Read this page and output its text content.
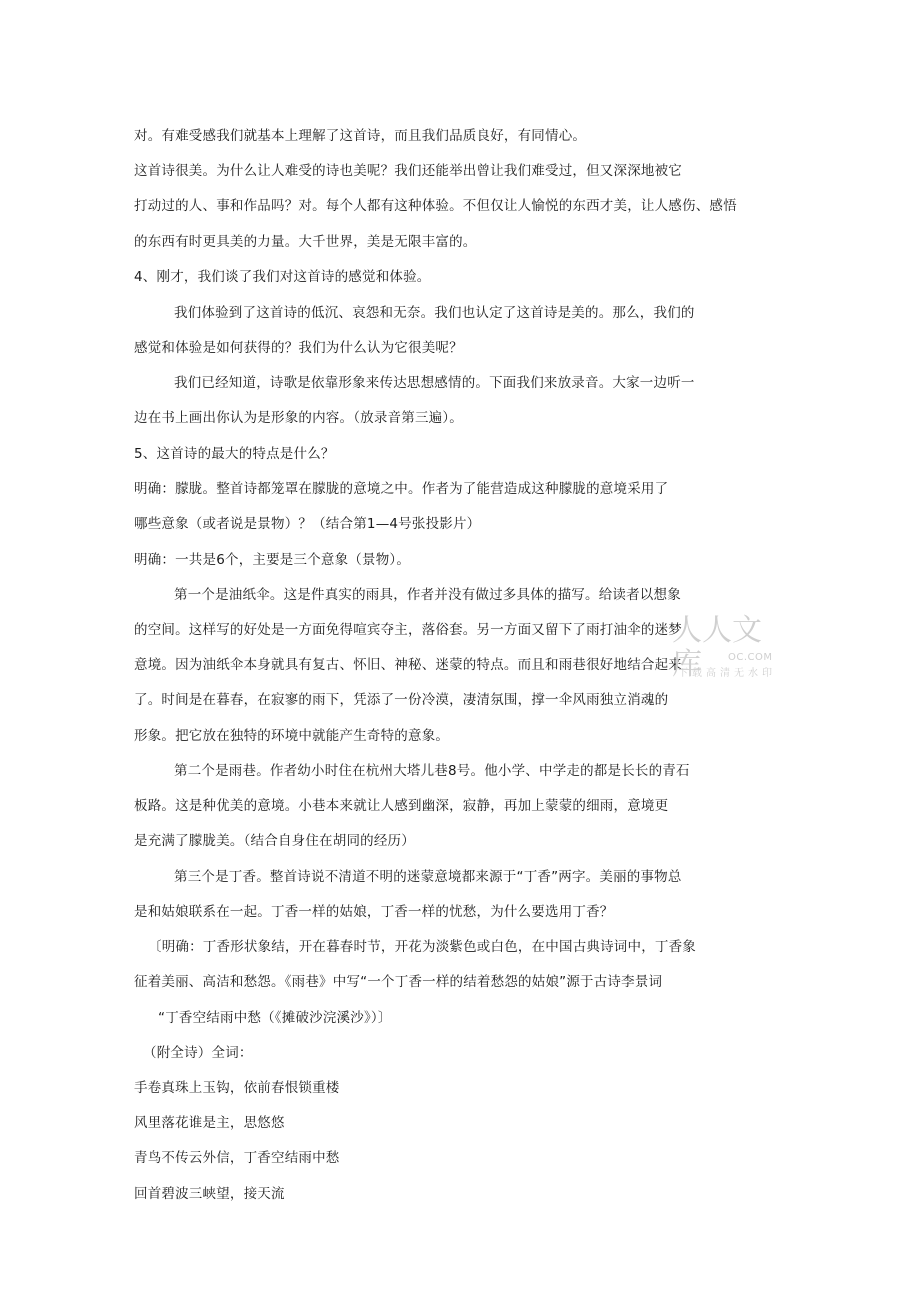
对。有难受感我们就基本上理解了这首诗，而且我们品质良好，有同情心。
这首诗很美。为什么让人难受的诗也美呢？我们还能举出曾让我们难受过，但又深深地被它
打动过的人、事和作品吗？对。每个人都有这种体验。不但仅让人愉悦的东西才美，让人感伤、感悟
的东西有时更具美的力量。大千世界，美是无限丰富的。
4、刚才，我们谈了我们对这首诗的感觉和体验。
我们体验到了这首诗的低沉、哀怨和无奈。我们也认定了这首诗是美的。那么，我们的
感觉和体验是如何获得的？我们为什么认为它很美呢？
我们已经知道，诗歌是依靠形象来传达思想感情的。下面我们来放录音。大家一边听一
边在书上画出你认为是形象的内容。（放录音第三遍）。
5、这首诗的最大的特点是什么？
明确：朦胧。整首诗都笼罩在朦胧的意境之中。作者为了能营造成这种朦胧的意境采用了
哪些意象（或者说是景物）？（结合第1—4号张投影片）
明确：一共是6个，主要是三个意象（景物）。
第一个是油纸伞。这是件真实的雨具，作者并没有做过多具体的描写。给读者以想象
的空间。这样写的好处是一方面免得喧宾夺主，落俗套。另一方面又留下了雨打油伞的迷梦
意境。因为油纸伞本身就具有复古、怀旧、神秘、迷蒙的特点。而且和雨巷很好地结合起来
了。时间是在暮春，在寂寥的雨下，凭添了一份冷漠，凄清氛围，撑一伞风雨独立消魂的
形象。把它放在独特的环境中就能产生奇特的意象。
第二个是雨巷。作者幼小时住在杭州大塔儿巷8号。他小学、中学走的都是长长的青石
板路。这是种优美的意境。小巷本来就让人感到幽深，寂静，再加上蒙蒙的细雨，意境更
是充满了朦胧美。（结合自身住在胡同的经历）
第三个是丁香。整首诗说不清道不明的迷蒙意境都来源于“丁香”两字。美丽的事物总
是和姑娘联系在一起。丁香一样的姑娘，丁香一样的忧愁，为什么要选用丁香？
〔明确：丁香形状象结，开在暮春时节，开花为淡紫色或白色，在中国古典诗词中，丁香象
征着美丽、高洁和愁怨。《雨巷》中写“一个丁香一样的结着愁怨的姑娘”源于古诗李景词
“丁香空结雨中愁（《摊破沙浣溪沙》）〕
（附全诗）全词：
手卷真珠上玉钩，依前春恨锁重楼
风里落花谁是主，思悠悠
青鸟不传云外信，丁香空结雨中愁
回首碧波三峡望，接天流
人人文库	OC.COM
下载高清无水印
